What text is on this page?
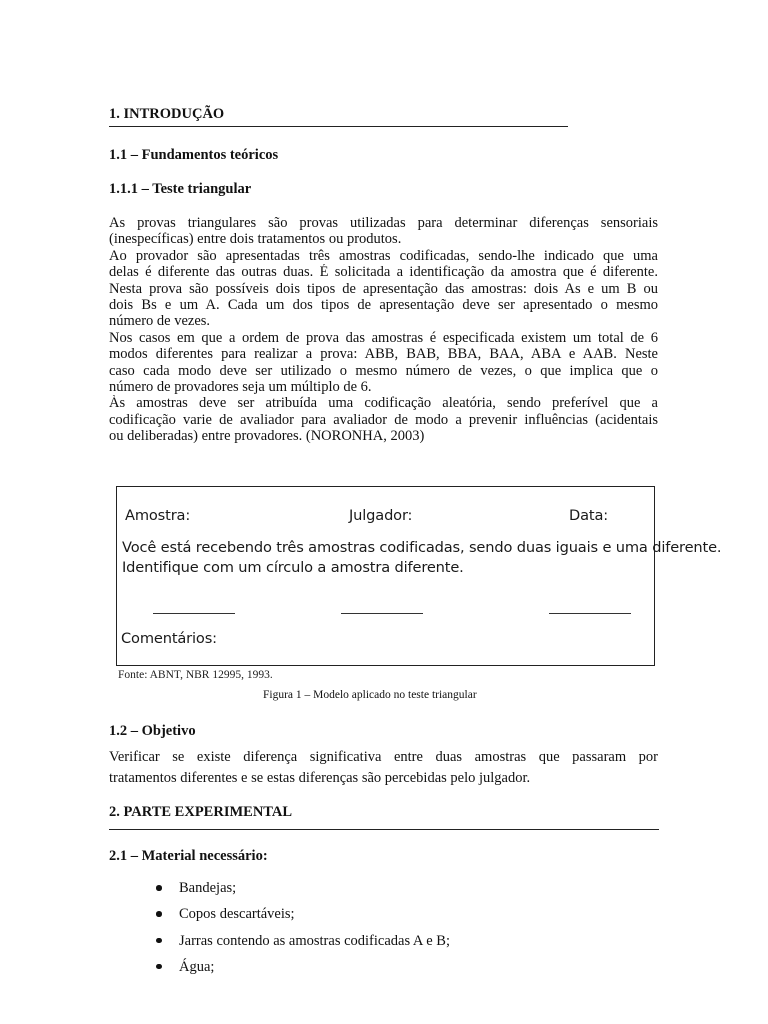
1. INTRODUÇÃO
1.1 – Fundamentos teóricos
1.1.1 – Teste triangular
As provas triangulares são provas utilizadas para determinar diferenças sensoriais
(inespecíficas) entre dois tratamentos ou produtos.
Ao provador são apresentadas três amostras codificadas, sendo-lhe indicado que uma
delas é diferente das outras duas. É solicitada a identificação da amostra que é diferente.
Nesta prova são possíveis dois tipos de apresentação das amostras: dois As e um B ou
dois Bs e um A. Cada um dos tipos de apresentação deve ser apresentado o mesmo
número de vezes.
Nos casos em que a ordem de prova das amostras é especificada existem um total de 6
modos diferentes para realizar a prova: ABB, BAB, BBA, BAA, ABA e AAB. Neste
caso cada modo deve ser utilizado o mesmo número de vezes, o que implica que o
número de provadores seja um múltiplo de 6.
Às amostras deve ser atribuída uma codificação aleatória, sendo preferível que a
codificação varie de avaliador para avaliador de modo a prevenir influências (acidentais
ou deliberadas) entre provadores. (NORONHA, 2003)
Amostra:	Julgador:	Data:
Você está recebendo três amostras codificadas, sendo duas iguais e uma diferente.
Identifique com um círculo a amostra diferente.
Comentários:
Fonte: ABNT, NBR 12995, 1993.
Figura 1 – Modelo aplicado no teste triangular
1.2 – Objetivo
Verificar se existe diferença significativa entre duas amostras que passaram por
tratamentos diferentes e se estas diferenças são percebidas pelo julgador.
2. PARTE EXPERIMENTAL
2.1 – Material necessário:
Bandejas;
Copos descartáveis;
Jarras contendo as amostras codificadas A e B;
Água;
